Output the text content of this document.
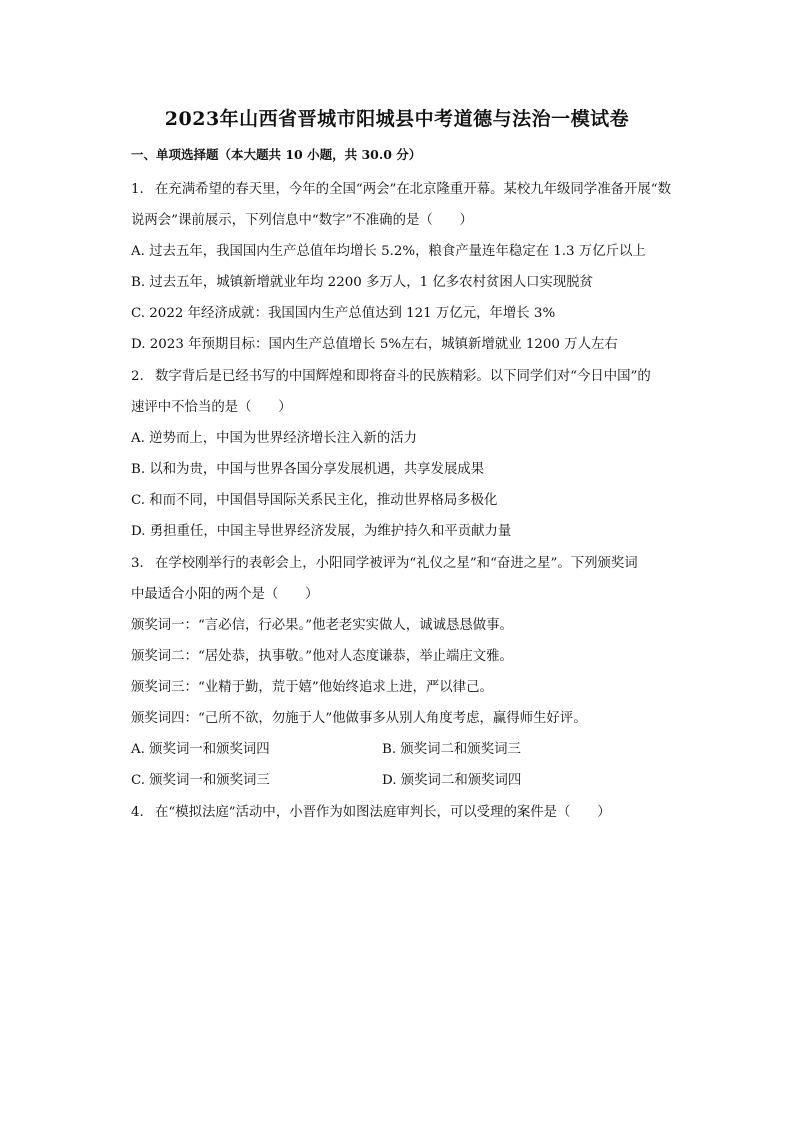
2023年山西省晋城市阳城县中考道德与法治一模试卷
一、单项选择题（本大题共 10 小题，共 30.0 分）
1. 在充满希望的春天里，今年的全国“两会”在北京隆重开幕。某校九年级同学准备开展“数
说两会”课前展示，下列信息中“数字”不准确的是（　　）
A. 过去五年，我国国内生产总值年均增长 5.2%，粮食产量连年稳定在 1.3 万亿斤以上
B. 过去五年，城镇新增就业年均 2200 多万人，1 亿多农村贫困人口实现脱贫
C. 2022 年经济成就：我国国内生产总值达到 121 万亿元，年增长 3%
D. 2023 年预期目标：国内生产总值增长 5%左右，城镇新增就业 1200 万人左右
2. 数字背后是已经书写的中国辉煌和即将奋斗的民族精彩。以下同学们对“今日中国”的
速评中不恰当的是（　　）
A. 逆势而上，中国为世界经济增长注入新的活力
B. 以和为贵，中国与世界各国分享发展机遇，共享发展成果
C. 和而不同，中国倡导国际关系民主化，推动世界格局多极化
D. 勇担重任，中国主导世界经济发展，为维护持久和平贡献力量
3. 在学校刚举行的表彰会上，小阳同学被评为“礼仪之星”和“奋进之星”。下列颁奖词
中最适合小阳的两个是（　　）
颁奖词一：“言必信，行必果。”他老老实实做人，诚诚恳恳做事。
颁奖词二：“居处恭，执事敬。”他对人态度谦恭，举止端庄文雅。
颁奖词三：“业精于勤，荒于嬉”他始终追求上进，严以律己。
颁奖词四：“己所不欲，勿施于人”他做事多从别人角度考虑，赢得师生好评。
A. 颁奖词一和颁奖词四	B. 颁奖词二和颁奖词三
C. 颁奖词一和颁奖词三	D. 颁奖词二和颁奖词四
4. 在“模拟法庭”活动中，小晋作为如图法庭审判长，可以受理的案件是（　　）
